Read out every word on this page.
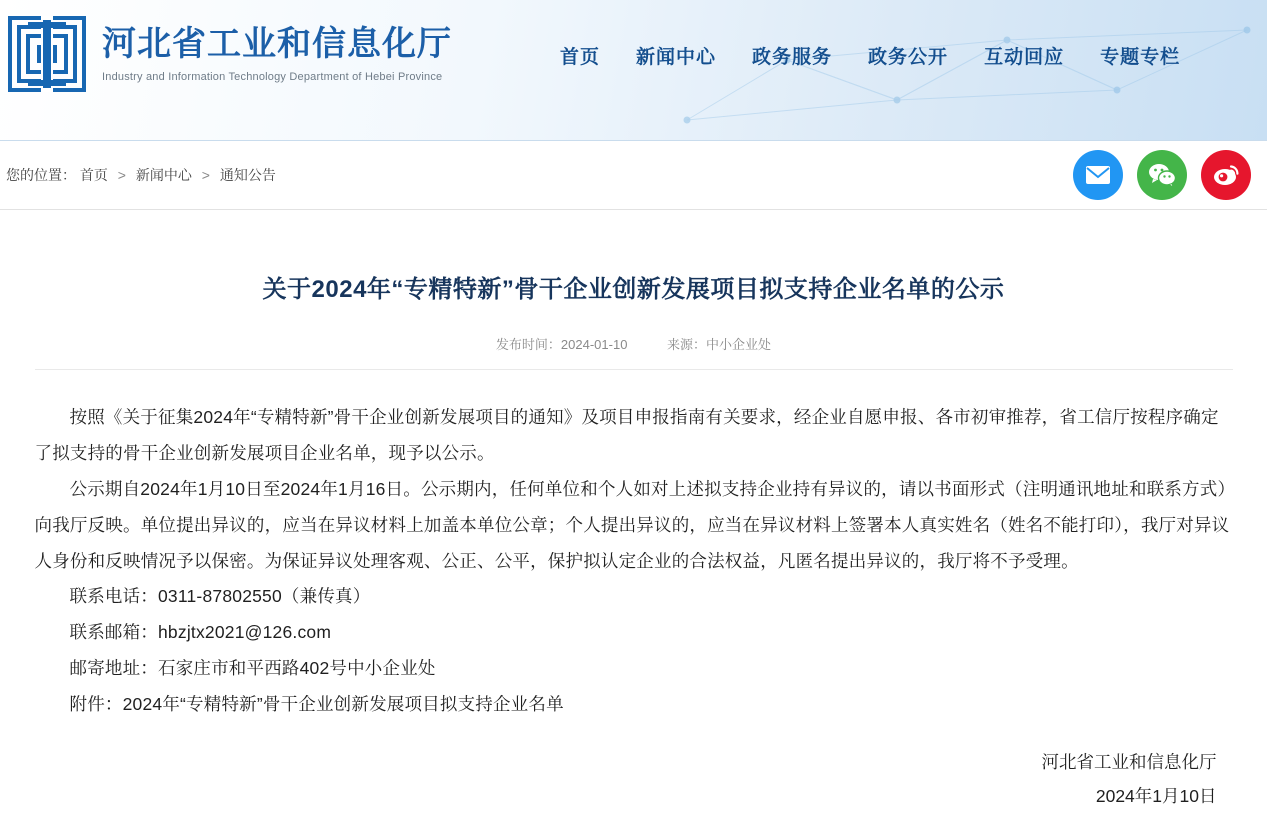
河北省工业和信息化厅
Industry and Information Technology Department of Hebei Province
首页 新闻中心 政务服务 政务公开 互动回应 专题专栏
您的位置： 首页 > 新闻中心 > 通知公告
关于2024年“专精特新”骨干企业创新发展项目拟支持企业名单的公示
发布时间：2024-01-10	来源：中小企业处

按照《关于征集2024年“专精特新”骨干企业创新发展项目的通知》及项目申报指南有关要求，经企业自愿申报、各市初审推荐，省工信厅按程序确定了拟支持的骨干企业创新发展项目企业名单，现予以公示。

公示期自2024年1月10日至2024年1月16日。公示期内，任何单位和个人如对上述拟支持企业持有异议的，请以书面形式（注明通讯地址和联系方式）向我厅反映。单位提出异议的，应当在异议材料上加盖本单位公章；个人提出异议的，应当在异议材料上签署本人真实姓名（姓名不能打印），我厅对异议人身份和反映情况予以保密。为保证异议处理客观、公正、公平，保护拟认定企业的合法权益，凡匿名提出异议的，我厅将不予受理。

联系电话：0311-87802550（兼传真）

联系邮箱：hbzjtx2021@126.com

邮寄地址：石家庄市和平西路402号中小企业处

附件：2024年“专精特新”骨干企业创新发展项目拟支持企业名单

河北省工业和信息化厅
2024年1月10日
